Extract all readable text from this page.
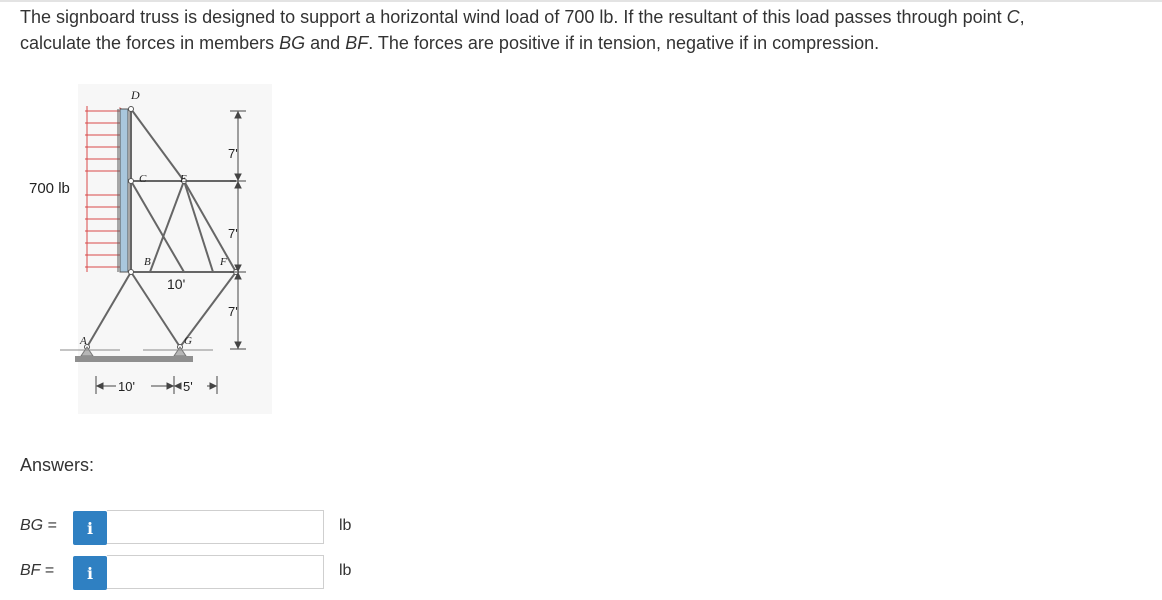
The signboard truss is designed to support a horizontal wind load of 700 lb. If the resultant of this load passes through point C,
calculate the forces in members BG and BF. The forces are positive if in tension, negative if in compression.
D
C	E
B	F
A	G
7'
7'
7'
10'
10'	5'
700 lb
Answers:
BG =	i	lb
BF =	i	lb
